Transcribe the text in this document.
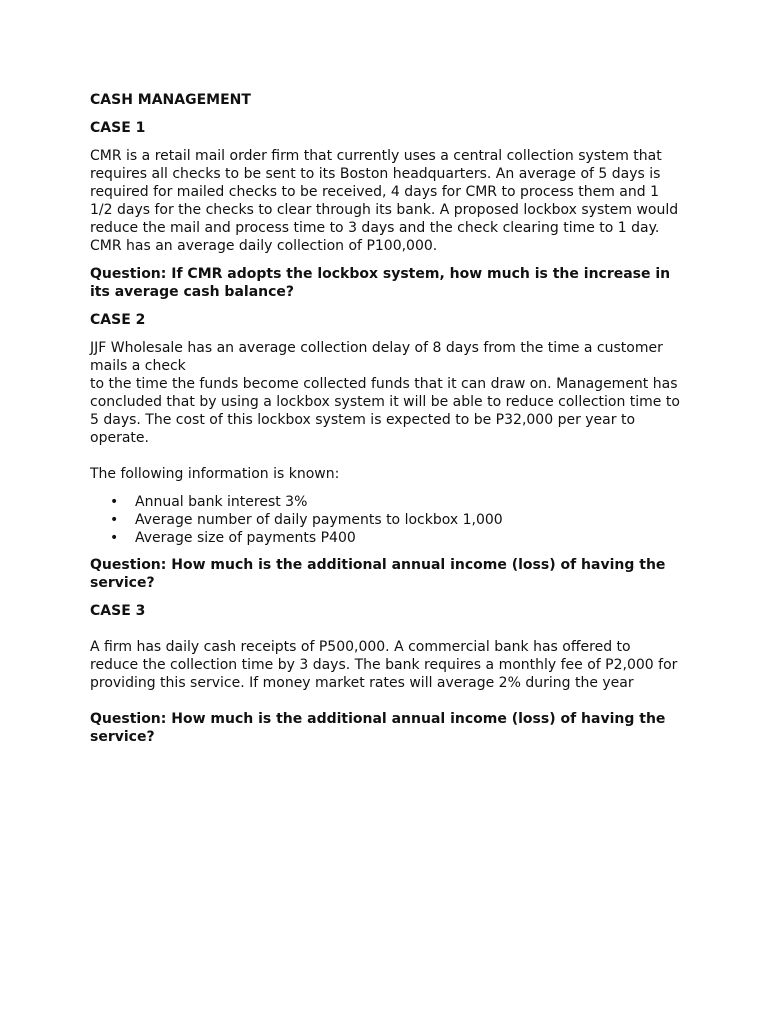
CASH MANAGEMENT

CASE 1

CMR is a retail mail order firm that currently uses a central collection system that requires all checks to be sent to its Boston headquarters. An average of 5 days is required for mailed checks to be received, 4 days for CMR to process them and 1 1/2 days for the checks to clear through its bank. A proposed lockbox system would reduce the mail and process time to 3 days and the check clearing time to 1 day. CMR has an average daily collection of P100,000.

Question: If CMR adopts the lockbox system, how much is the increase in its average cash balance?

CASE 2

JJF Wholesale has an average collection delay of 8 days from the time a customer mails a check

to the time the funds become collected funds that it can draw on. Management has concluded that by using a lockbox system it will be able to reduce collection time to 5 days. The cost of this lockbox system is expected to be P32,000 per year to operate.

The following information is known:

• Annual bank interest 3%
• Average number of daily payments to lockbox 1,000
• Average size of payments P400

Question: How much is the additional annual income (loss) of having the service?

CASE 3

A firm has daily cash receipts of P500,000. A commercial bank has offered to reduce the collection time by 3 days. The bank requires a monthly fee of P2,000 for providing this service. If money market rates will average 2% during the year

Question: How much is the additional annual income (loss) of having the service?
